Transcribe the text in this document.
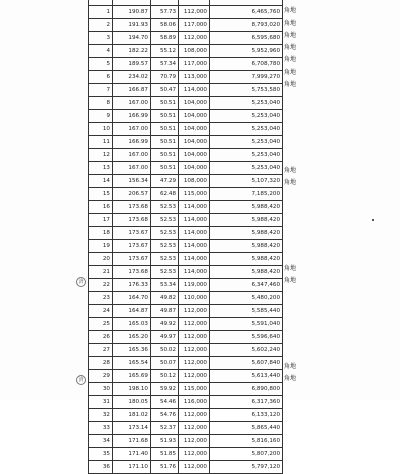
1	190.87	57.73	112,000	6,465,760
2	191.93	58.06	117,000	8,793,020
3	194.70	58.89	112,000	6,595,680
4	182.22	55.12	108,000	5,952,960
5	189.57	57.34	117,000	6,708,780
6	234.02	70.79	113,000	7,999,270
7	166.87	50.47	114,000	5,753,580
8	167.00	50.51	104,000	5,253,040
9	166.99	50.51	104,000	5,253,040
10	167.00	50.51	104,000	5,253,040
11	166.99	50.51	104,000	5,253,040
12	167.00	50.51	104,000	5,253,040
13	167.00	50.51	104,000	5,253,040
14	156.34	47.29	108,000	5,107,320
15	206.57	62.48	115,000	7,185,200
16	173.68	52.53	114,000	5,988,420
17	173.68	52.53	114,000	5,988,420
18	173.67	52.53	114,000	5,988,420
19	173.67	52.53	114,000	5,988,420
20	173.67	52.53	114,000	5,988,420
21	173.68	52.53	114,000	5,988,420
22	176.33	53.34	119,000	6,347,460
23	164.70	49.82	110,000	5,480,200
24	164.87	49.87	112,000	5,585,440
25	165.03	49.92	112,000	5,591,040
26	165.20	49.97	112,000	5,596,640
27	165.36	50.02	112,000	5,602,240
28	165.54	50.07	112,000	5,607,840
29	165.69	50.12	112,000	5,613,440
30	198.10	59.92	115,000	6,890,800
31	180.05	54.46	116,000	6,317,360
32	181.02	54.76	112,000	6,133,120
33	173.14	52.37	112,000	5,865,440
34	171.68	51.93	112,000	5,816,160
35	171.40	51.85	112,000	5,807,200
36	171.10	51.76	112,000	5,797,120
角地
角地
角地
角地
角地
角地
角地
角地
角地
角地
角地
角地
角地
済
済
